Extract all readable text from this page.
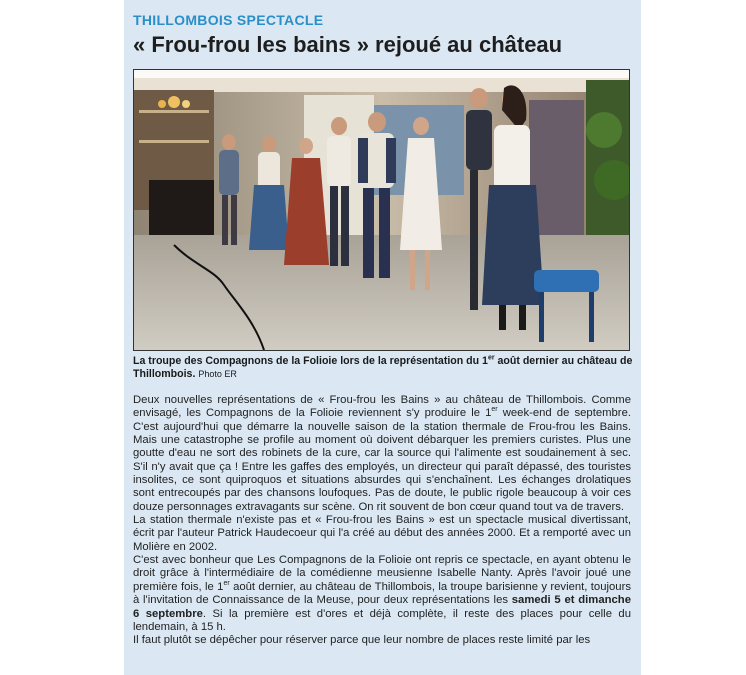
THILLOMBOIS SPECTACLE
« Frou-frou les bains » rejoué au château
La troupe des Compagnons de la Folioie lors de la représentation du 1er août dernier au château de Thillombois. Photo ER

Deux nouvelles représentations de « Frou-frou les Bains » au château de Thillombois. Comme envisagé, les Compagnons de la Folioie reviennent s'y produire le 1er week-end de septembre. C'est aujourd'hui que démarre la nouvelle saison de la station thermale de Frou-frou les Bains. Mais une catastrophe se profile au moment où doivent débarquer les premiers curistes. Plus une goutte d'eau ne sort des robinets de la cure, car la source qui l'alimente est soudainement à sec. S'il n'y avait que ça ! Entre les gaffes des employés, un directeur qui paraît dépassé, des touristes insolites, ce sont quiproquos et situations absurdes qui s'enchaînent. Les échanges drolatiques sont entrecoupés par des chansons loufoques. Pas de doute, le public rigole beaucoup à voir ces douze personnages extravagants sur scène. On rit souvent de bon cœur quand tout va de travers.

La station thermale n'existe pas et « Frou-frou les Bains » est un spectacle musical divertissant, écrit par l'auteur Patrick Haudecoeur qui l'a créé au début des années 2000. Et a remporté avec un Molière en 2002.

C'est avec bonheur que Les Compagnons de la Folioie ont repris ce spectacle, en ayant obtenu le droit grâce à l'intermédiaire de la comédienne meusienne Isabelle Nanty. Après l'avoir joué une première fois, le 1er août dernier, au château de Thillombois, la troupe barisienne y revient, toujours à l'invitation de Connaissance de la Meuse, pour deux représentations les samedi 5 et dimanche 6 septembre. Si la première est d'ores et déjà complète, il reste des places pour celle du lendemain, à 15 h.

Il faut plutôt se dépêcher pour réserver parce que leur nombre de places reste limité par les
